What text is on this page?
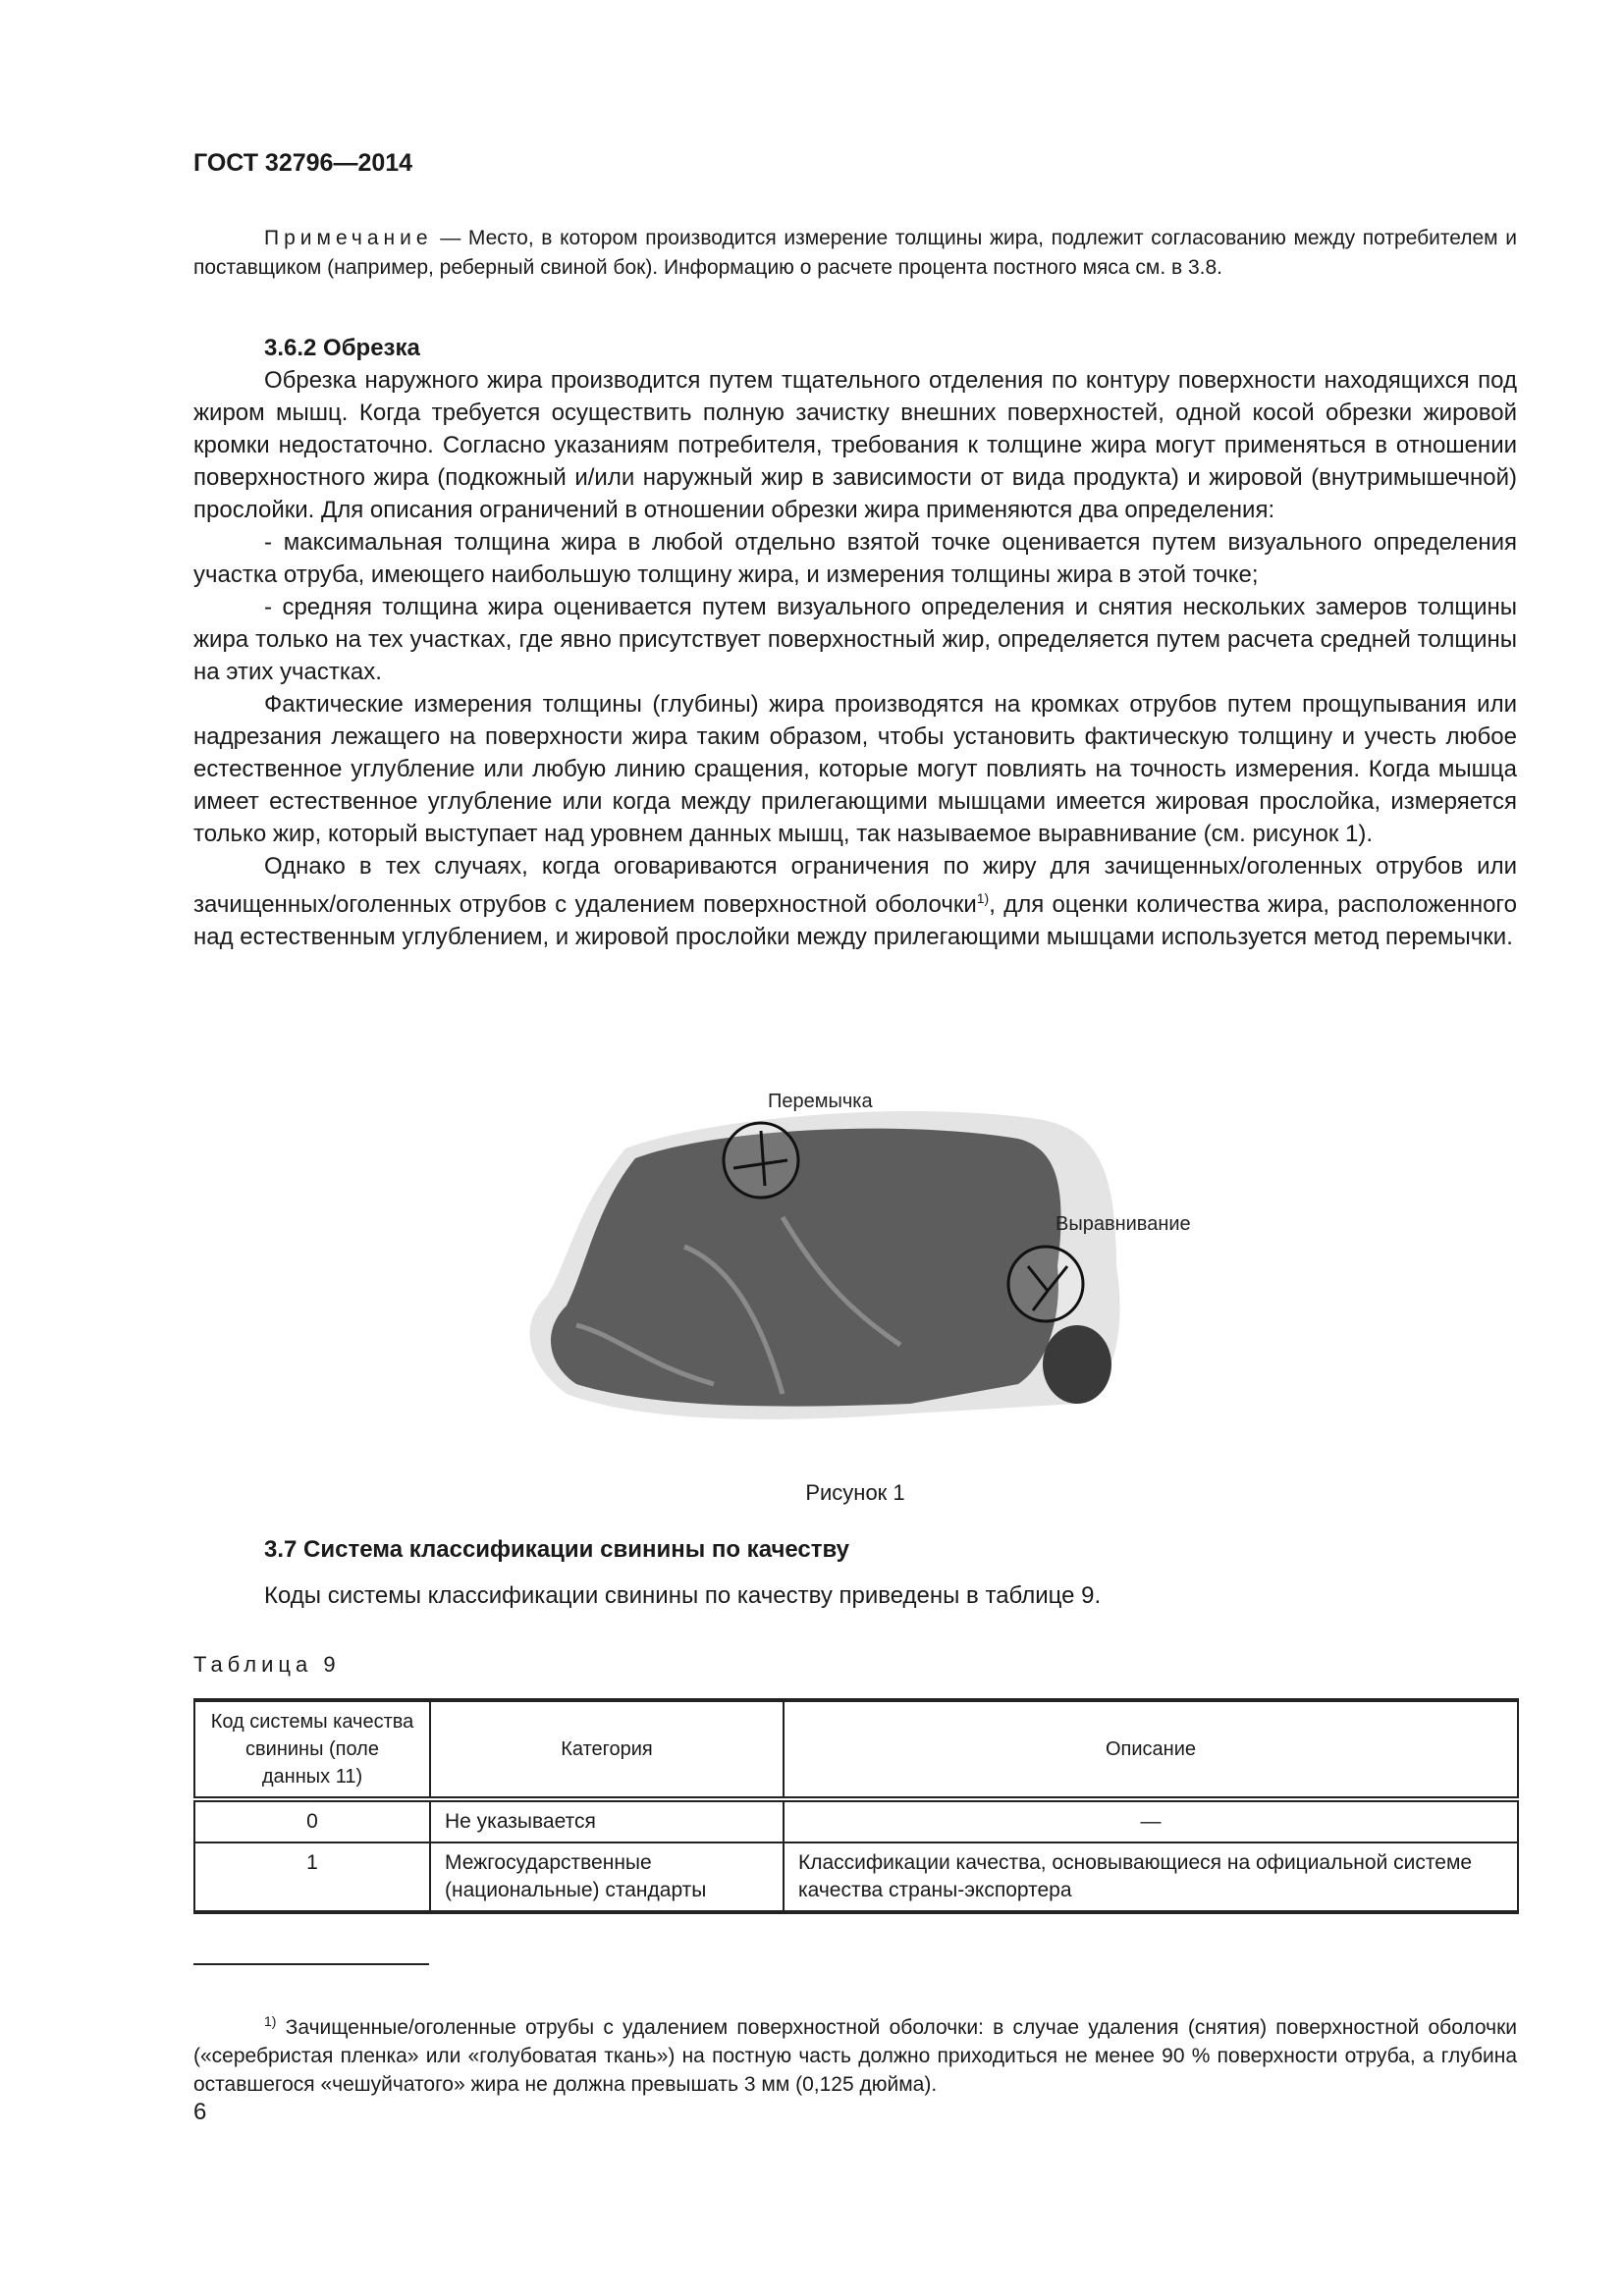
ГОСТ 32796—2014

Примечание — Место, в котором производится измерение толщины жира, подлежит согласованию между потребителем и поставщиком (например, реберный свиной бок). Информацию о расчете процента постного мяса см. в 3.8.

3.6.2 Обрезка

Обрезка наружного жира производится путем тщательного отделения по контуру поверхности находящихся под жиром мышц. Когда требуется осуществить полную зачистку внешних поверхностей, одной косой обрезки жировой кромки недостаточно. Согласно указаниям потребителя, требования к толщине жира могут применяться в отношении поверхностного жира (подкожный и/или наружный жир в зависимости от вида продукта) и жировой (внутримышечной) прослойки. Для описания ограничений в отношении обрезки жира применяются два определения:

- максимальная толщина жира в любой отдельно взятой точке оценивается путем визуального определения участка отруба, имеющего наибольшую толщину жира, и измерения толщины жира в этой точке;

- средняя толщина жира оценивается путем визуального определения и снятия нескольких замеров толщины жира только на тех участках, где явно присутствует поверхностный жир, определяется путем расчета средней толщины на этих участках.

Фактические измерения толщины (глубины) жира производятся на кромках отрубов путем прощупывания или надрезания лежащего на поверхности жира таким образом, чтобы установить фактическую толщину и учесть любое естественное углубление или любую линию сращения, которые могут повлиять на точность измерения. Когда мышца имеет естественное углубление или когда между прилегающими мышцами имеется жировая прослойка, измеряется только жир, который выступает над уровнем данных мышц, так называемое выравнивание (см. рисунок 1).

Однако в тех случаях, когда оговариваются ограничения по жиру для зачищенных/оголенных отрубов или зачищенных/оголенных отрубов с удалением поверхностной оболочки$^{1)}$, для оценки количества жира, расположенного над естественным углублением, и жировой прослойки между прилегающими мышцами используется метод перемычки.

Перемычка
Выравнивание
Рисунок 1
3.7 Система классификации свинины по качеству
Коды системы классификации свинины по качеству приведены в таблице 9.
Таблица 9
Код системы качества свинины (поле данных 11)	Категория	Описание
0	Не указывается	—
1	Межгосударственные (национальные) стандарты	Классификации качества, основывающиеся на официальной системе качества страны-экспортера

$^{1)}$ Зачищенные/оголенные отрубы с удалением поверхностной оболочки: в случае удаления (снятия) поверхностной оболочки («серебристая пленка» или «голубоватая ткань») на постную часть должно приходиться не менее 90 % поверхности отруба, а глубина оставшегося «чешуйчатого» жира не должна превышать 3 мм (0,125 дюйма).

6
